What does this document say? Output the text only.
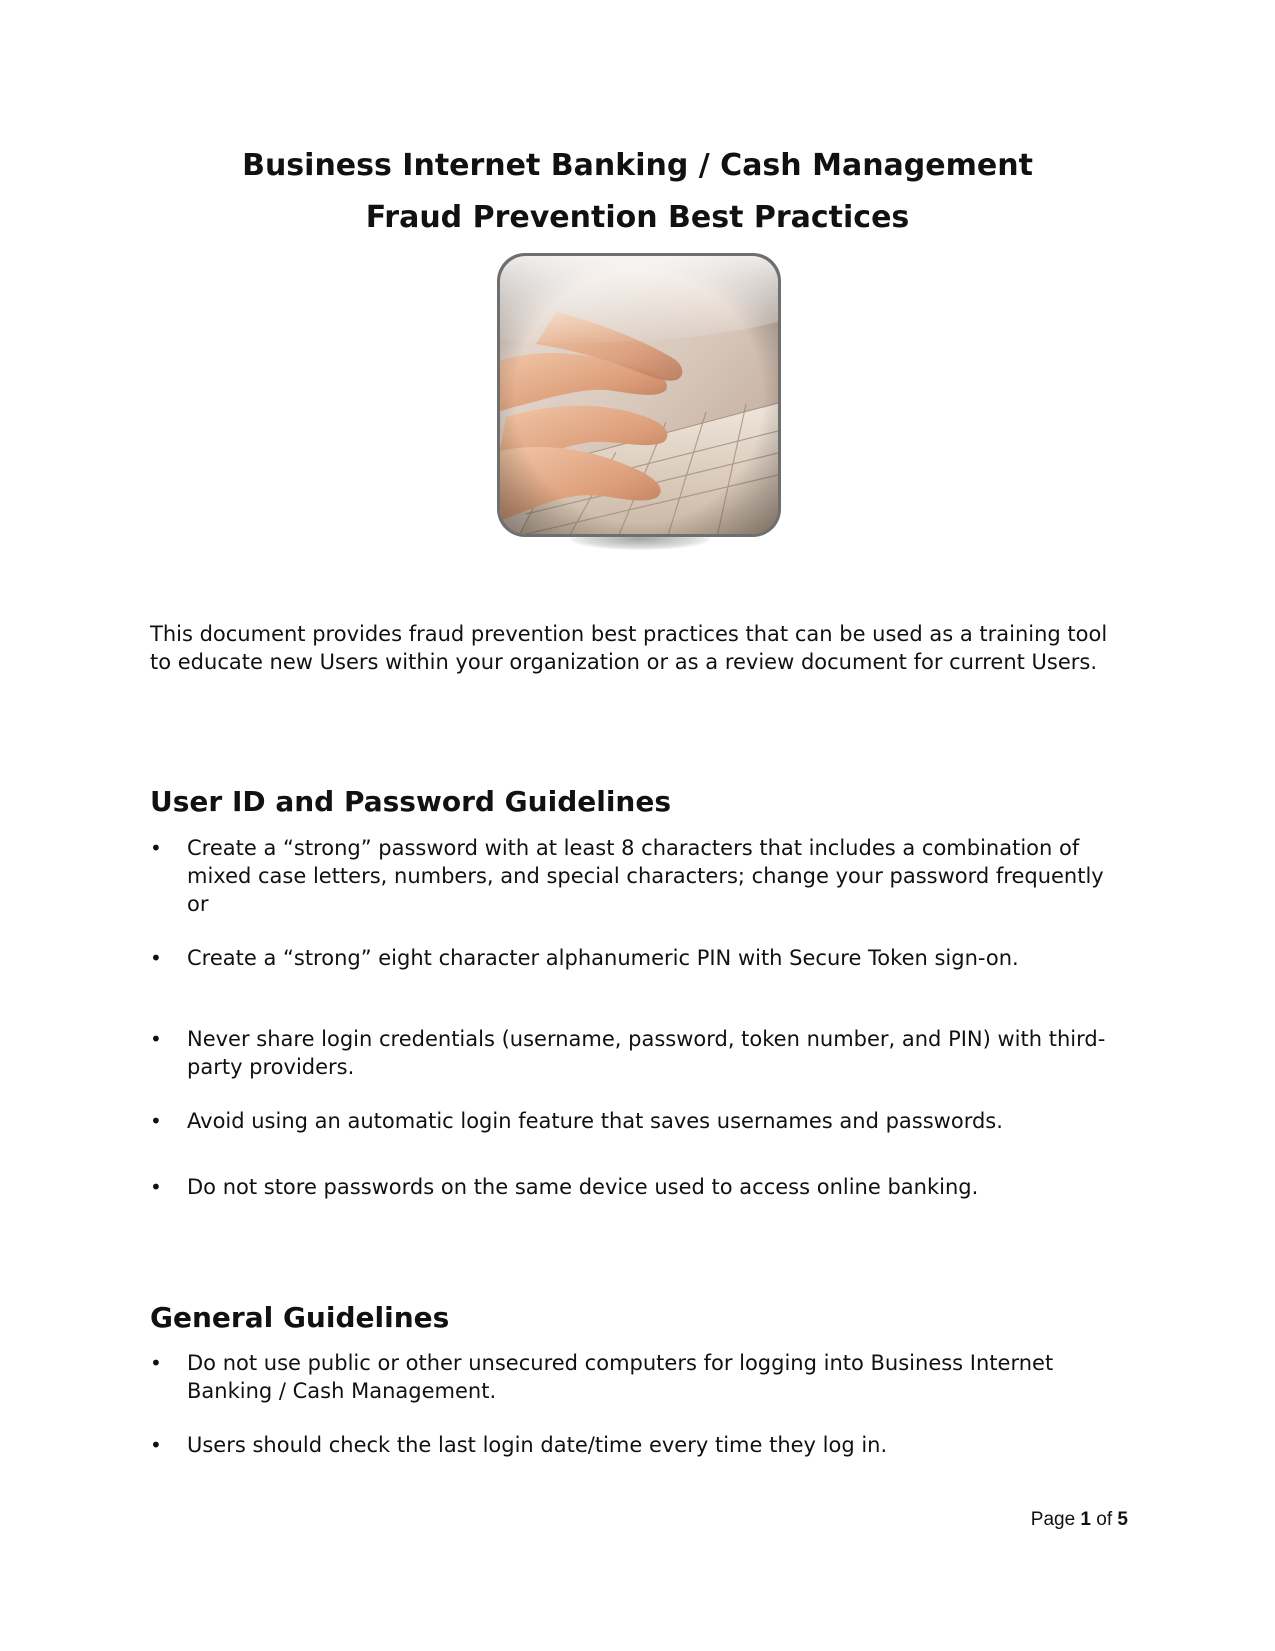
Business Internet Banking / Cash Management
Fraud Prevention Best Practices

This document provides fraud prevention best practices that can be used as a training tool to educate new Users within your organization or as a review document for current Users.

User ID and Password Guidelines
•	Create a “strong” password with at least 8 characters that includes a combination of mixed case letters, numbers, and special characters; change your password frequently or
•	Create a “strong” eight character alphanumeric PIN with Secure Token sign-on.
•	Never share login credentials (username, password, token number, and PIN) with third-party providers.
•	Avoid using an automatic login feature that saves usernames and passwords.
•	Do not store passwords on the same device used to access online banking.
General Guidelines
•	Do not use public or other unsecured computers for logging into Business Internet Banking / Cash Management.
•	Users should check the last login date/time every time they log in.
Page 1 of 5
